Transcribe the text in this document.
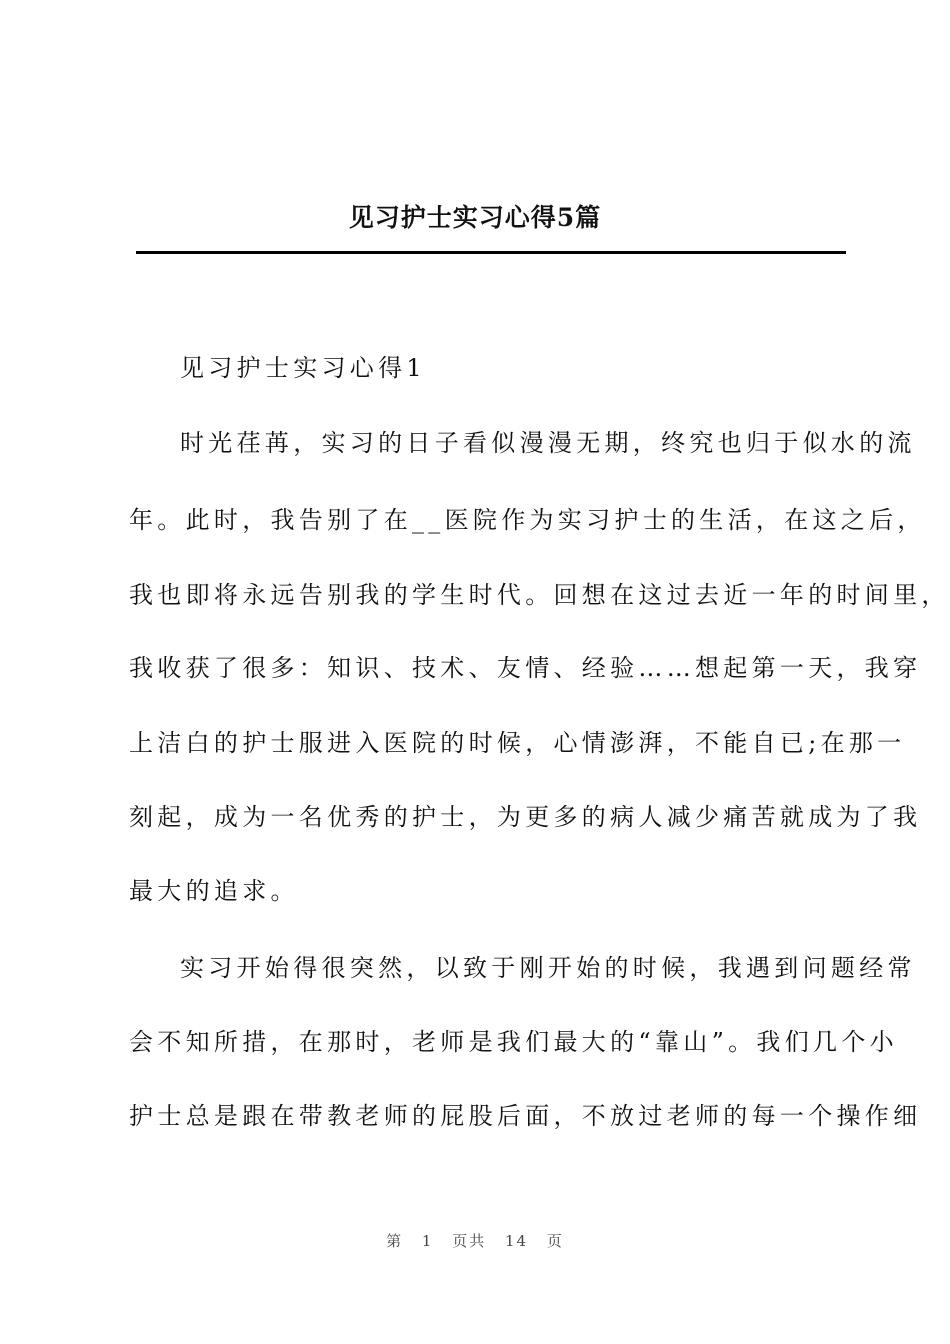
见习护士实习心得5篇
见习护士实习心得1
时光荏苒，实习的日子看似漫漫无期，终究也归于似水的流
年。此时，我告别了在__医院作为实习护士的生活，在这之后，
我也即将永远告别我的学生时代。回想在这过去近一年的时间里，
我收获了很多：知识、技术、友情、经验……想起第一天，我穿
上洁白的护士服进入医院的时候，心情澎湃，不能自已;在那一
刻起，成为一名优秀的护士，为更多的病人减少痛苦就成为了我
最大的追求。
实习开始得很突然，以致于刚开始的时候，我遇到问题经常
会不知所措，在那时，老师是我们最大的“靠山”。我们几个小
护士总是跟在带教老师的屁股后面，不放过老师的每一个操作细
第 1 页共 14 页
